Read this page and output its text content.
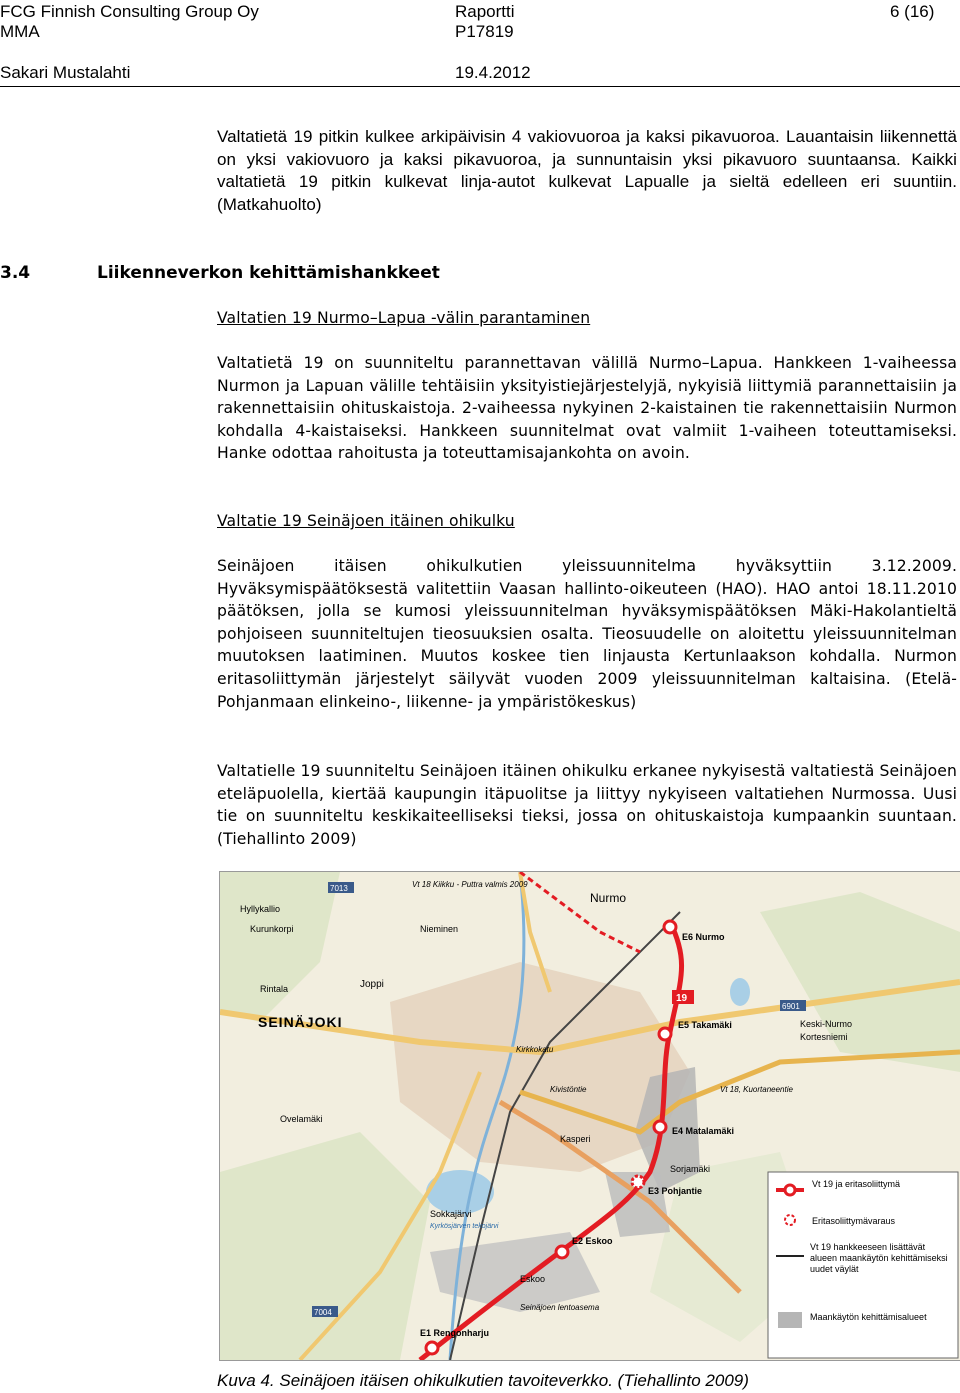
FCG Finnish Consulting Group Oy
MMA
Sakari Mustalahti
Raportti
P17819
19.4.2012
6 (16)
Valtatietä 19 pitkin kulkee arkipäivisin 4 vakiovuoroa ja kaksi pikavuoroa. Lauantaisin liikennettä on yksi vakiovuoro ja kaksi pikavuoroa, ja sunnuntaisin yksi pikavuoro suuntaansa. Kaikki valtatietä 19 pitkin kulkevat linja-autot kulkevat Lapualle ja sieltä edelleen eri suuntiin. (Matkahuolto)
3.4	Liikenneverkon kehittämishankkeet
Valtatien 19 Nurmo–Lapua -välin parantaminen
Valtatietä 19 on suunniteltu parannettavan välillä Nurmo–Lapua. Hankkeen 1-vaiheessa Nurmon ja Lapuan välille tehtäisiin yksityistiejärjestelyjä, nykyisiä liittymiä parannettaisiin ja rakennettaisiin ohituskaistoja. 2-vaiheessa nykyinen 2-kaistainen tie rakennettaisiin Nurmon kohdalla 4-kaistaiseksi. Hankkeen suunnitelmat ovat valmiit 1-vaiheen toteuttamiseksi. Hanke odottaa rahoitusta ja toteuttamisajankohta on avoin.
Valtatie 19 Seinäjoen itäinen ohikulku
Seinäjoen itäisen ohikulkutien yleissuunnitelma hyväksyttiin 3.12.2009. Hyväksymispäätöksestä valitettiin Vaasan hallinto-oikeuteen (HAO). HAO antoi 18.11.2010 päätöksen, jolla se kumosi yleissuunnitelman hyväksymispäätöksen Mäki-Hakolantieltä pohjoiseen suunniteltujen tieosuuksien osalta. Tieosuudelle on aloitettu yleissuunnitelman muutoksen laatiminen. Muutos koskee tien linjausta Kertunlaakson kohdalla. Nurmon eritasoliittymän järjestelyt säilyvät vuoden 2009 yleissuunnitelman kaltaisina. (Etelä-Pohjanmaan elinkeino-, liikenne- ja ympäristökeskus)
Valtatielle 19 suunniteltu Seinäjoen itäinen ohikulku erkanee nykyisestä valtatiestä Seinäjoen eteläpuolella, kiertää kaupungin itäpuolitse ja liittyy nykyiseen valtatiehen Nurmossa. Uusi tie on suunniteltu keskikaiteelliseksi tieksi, jossa on ohituskaistoja kumpaankin suuntaan. (Tiehallinto 2009)
E1 Rengonharju
E2 Eskoo
E3 Pohjantie
E4 Matalamäki
E5 Takamäki
E6 Nurmo
19
7013
6901
7004
Nurmo
SEINÄJOKI
Hyllykallio
Kurunkorpi
Joppi
Rintala
Keski-Nurmo
Kortesniemi
Kasperi
Sorjamäki
Eskoo
Sokkajärvi
Kyrkösjärven tekojärvi
Ovelamäki
Nieminen
Vt 18, Kuortaneentie
Kivistöntie
Kirkkokatu
Seinäjoen lentoasema
Vt 18 Kiikku - Puttra valmis 2009
Vt 19 ja eritasoliittymä
Eritasoliittymävaraus
Vt 19 hankkeeseen lisättävät alueen maankäytön kehittämiseksi uudet väylät
Maankäytön kehittämisalueet
Kuva 4. Seinäjoen itäisen ohikulkutien tavoiteverkko. (Tiehallinto 2009)
